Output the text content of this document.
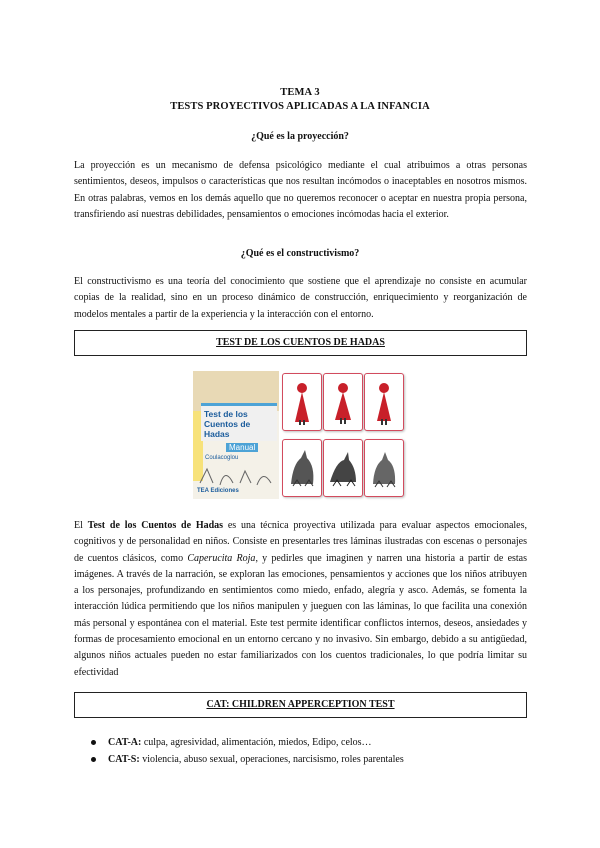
TEMA 3
TESTS PROYECTIVOS APLICADAS A LA INFANCIA
¿Qué es la proyección?
La proyección es un mecanismo de defensa psicológico mediante el cual atribuimos a otras personas sentimientos, deseos, impulsos o características que nos resultan incómodos o inaceptables en nosotros mismos. En otras palabras, vemos en los demás aquello que no queremos reconocer o aceptar en nuestra propia persona, transfiriendo así nuestras debilidades, pensamientos o emociones incómodas hacia el exterior.
¿Qué es el constructivismo?
El constructivismo es una teoría del conocimiento que sostiene que el aprendizaje no consiste en acumular copias de la realidad, sino en un proceso dinámico de construcción, enriquecimiento y reorganización de modelos mentales a partir de la experiencia y la interacción con el entorno.
TEST DE LOS CUENTOS DE HADAS
Test de los Cuentos de Hadas
Manual
Coulacoglou
TEA Ediciones
El Test de los Cuentos de Hadas es una técnica proyectiva utilizada para evaluar aspectos emocionales, cognitivos y de personalidad en niños. Consiste en presentarles tres láminas ilustradas con escenas o personajes de cuentos clásicos, como Caperucita Roja, y pedirles que imaginen y narren una historia a partir de estas imágenes. A través de la narración, se exploran las emociones, pensamientos y acciones que los niños atribuyen a los personajes, profundizando en sentimientos como miedo, enfado, alegría y asco. Además, se fomenta la interacción lúdica permitiendo que los niños manipulen y jueguen con las láminas, lo que facilita una conexión más personal y espontánea con el material. Este test permite identificar conflictos internos, deseos, ansiedades y formas de procesamiento emocional en un entorno cercano y no invasivo. Sin embargo, debido a su antigüedad, algunos niños actuales pueden no estar familiarizados con los cuentos tradicionales, lo que podría limitar su efectividad
CAT: CHILDREN APPERCEPTION TEST
CAT-A: culpa, agresividad, alimentación, miedos, Edipo, celos…
CAT-S: violencia, abuso sexual, operaciones, narcisismo, roles parentales
